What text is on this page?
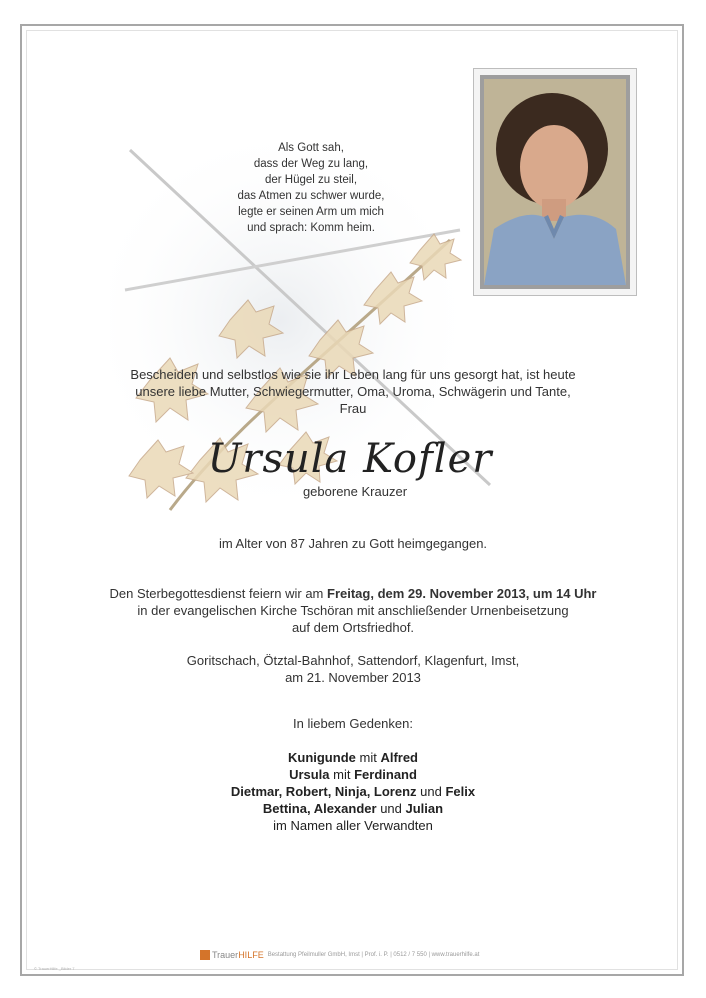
Als Gott sah,
dass der Weg zu lang,
der Hügel zu steil,
das Atmen zu schwer wurde,
legte er seinen Arm um mich
und sprach: Komm heim.
Bescheiden und selbstlos wie sie ihr Leben lang für uns gesorgt hat, ist heute
unsere liebe Mutter, Schwiegermutter, Oma, Uroma, Schwägerin und Tante,
Frau
Ursula Kofler
geborene Krauzer
im Alter von 87 Jahren zu Gott heimgegangen.
Den Sterbegottesdienst feiern wir am Freitag, dem 29. November 2013, um 14 Uhr
in der evangelischen Kirche Tschöran mit anschließender Urnenbeisetzung
auf dem Ortsfriedhof.
Goritschach, Ötztal-Bahnhof, Sattendorf, Klagenfurt, Imst,
am 21. November 2013
In liebem Gedenken:
Kunigunde mit Alfred
Ursula mit Ferdinand
Dietmar, Robert, Ninja, Lorenz und Felix
Bettina, Alexander und Julian
im Namen aller Verwandten
TrauerHILFE Bestattung Pfeilmuller GmbH, Imst | Prof. i. P. | 0512 / 7 550 | www.trauerhilfe.at
© TrauerHilfe _Bilder 7
